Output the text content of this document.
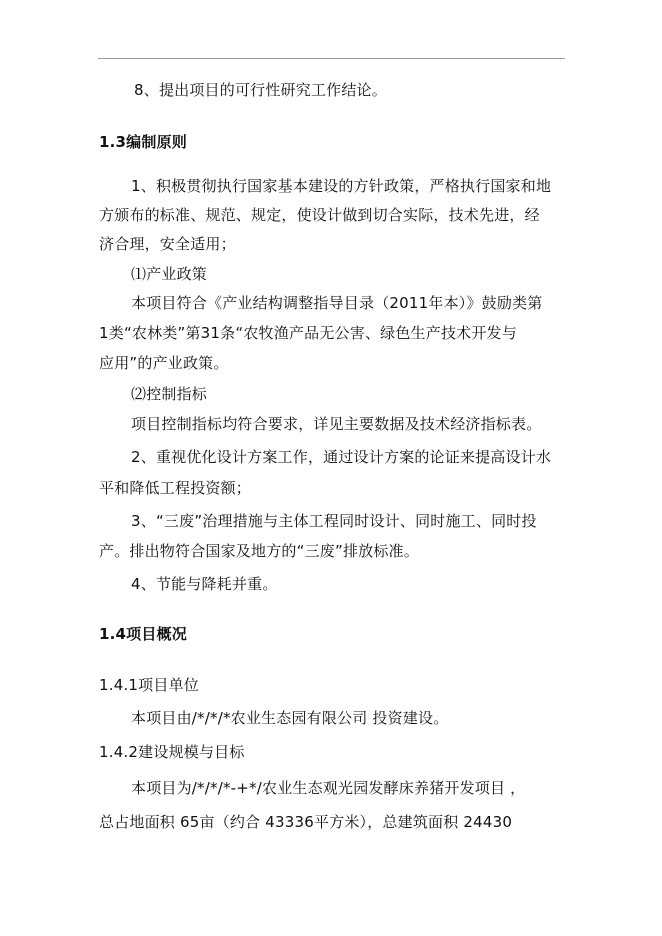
8、提出项目的可行性研究工作结论。
1.3编制原则
1、积极贯彻执行国家基本建设的方针政策，严格执行国家和地
方颁布的标准、规范、规定，使设计做到切合实际，技术先进，经
济合理，安全适用；
⑴产业政策
本项目符合《产业结构调整指导目录（2011年本）》鼓励类第
1类“农林类”第31条“农牧渔产品无公害、绿色生产技术开发与
应用”的产业政策。
⑵控制指标
项目控制指标均符合要求，详见主要数据及技术经济指标表。
2、重视优化设计方案工作，通过设计方案的论证来提高设计水
平和降低工程投资额；
3、“三废”治理措施与主体工程同时设计、同时施工、同时投
产。排出物符合国家及地方的“三废”排放标准。
4、节能与降耗并重。
1.4项目概况
1.4.1项目单位
本项目由/*/*/*农业生态园有限公司 投资建设。
1.4.2建设规模与目标
本项目为/*/*/*-+*/农业生态观光园发酵床养猪开发项目 ，
总占地面积 65亩（约合 43336平方米），总建筑面积 24430
